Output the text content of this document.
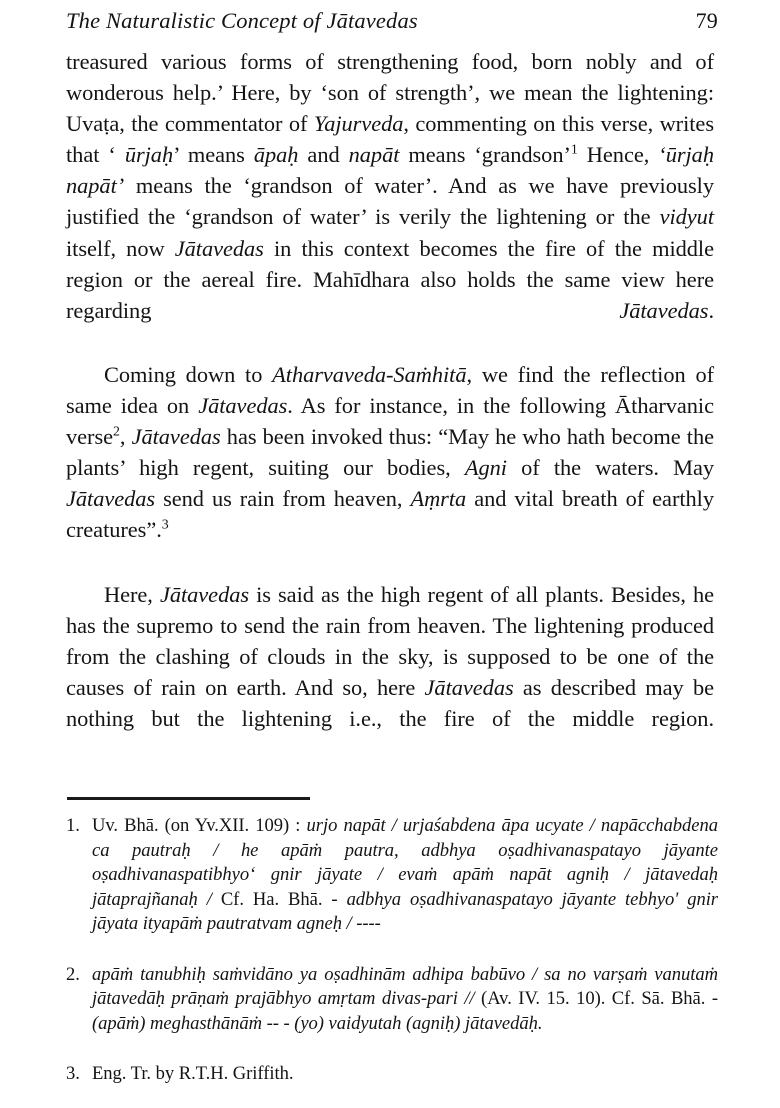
The Naturalistic Concept of Jātavedas	79

treasured various forms of strengthening food, born nobly and of wonderous help.’ Here, by ‘son of strength’, we mean the lightening: Uvaṭa, the commentator of Yajurveda, commenting on this verse, writes that ‘ ūrjaḥ’ means āpaḥ and napāt means ‘grandson’$^1$ Hence, ‘ūrjaḥ napāt’ means the ‘grandson of water’. And as we have previously justified the ‘grandson of water’ is verily the lightening or the vidyut itself, now Jātavedas in this context becomes the fire of the middle region or the aereal fire. Mahīdhara also holds the same view here regarding Jātavedas.

Coming down to Atharvaveda-Saṁhitā, we find the reflection of same idea on Jātavedas. As for instance, in the following Ātharvanic verse$^2$, Jātavedas has been invoked thus: “May he who hath become the plants’ high regent, suiting our bodies, Agni of the waters. May Jātavedas send us rain from heaven, Aṃrta and vital breath of earthly creatures”.$^3$

Here, Jātavedas is said as the high regent of all plants. Besides, he has the supremo to send the rain from heaven. The lightening produced from the clashing of clouds in the sky, is supposed to be one of the causes of rain on earth. And so, here Jātavedas as described may be nothing but the lightening i.e., the fire of the middle region.

1. Uv. Bhā. (on Yv.XII. 109) : urjo napāt / urjaśabdena āpa ucyate / napācchabdena ca pautraḥ / he apāṁ pautra, adbhya oṣadhivanaspatayo jāyante oṣadhivanaspatibhyo‘ gnir jāyate / evaṁ apāṁ napāt agniḥ / jātavedaḥ jātaprajñanaḥ / Cf. Ha. Bhā. - adbhya oṣadhivanaspatayo jāyante tebhyo' gnir jāyata ityapāṁ pautratvam agneḥ / ----
2. apāṁ tanubhiḥ saṁvidāno ya oṣadhinām adhipa babūvo / sa no varṣaṁ vanutaṁ jātavedāḥ prāṇaṁ prajābhyo amṛtam divas-pari // (Av. IV. 15. 10). Cf. Sā. Bhā. - (apāṁ) meghasthānāṁ -- - (yo) vaidyutah (agniḥ) jātavedāḥ.
3. Eng. Tr. by R.T.H. Griffith.
